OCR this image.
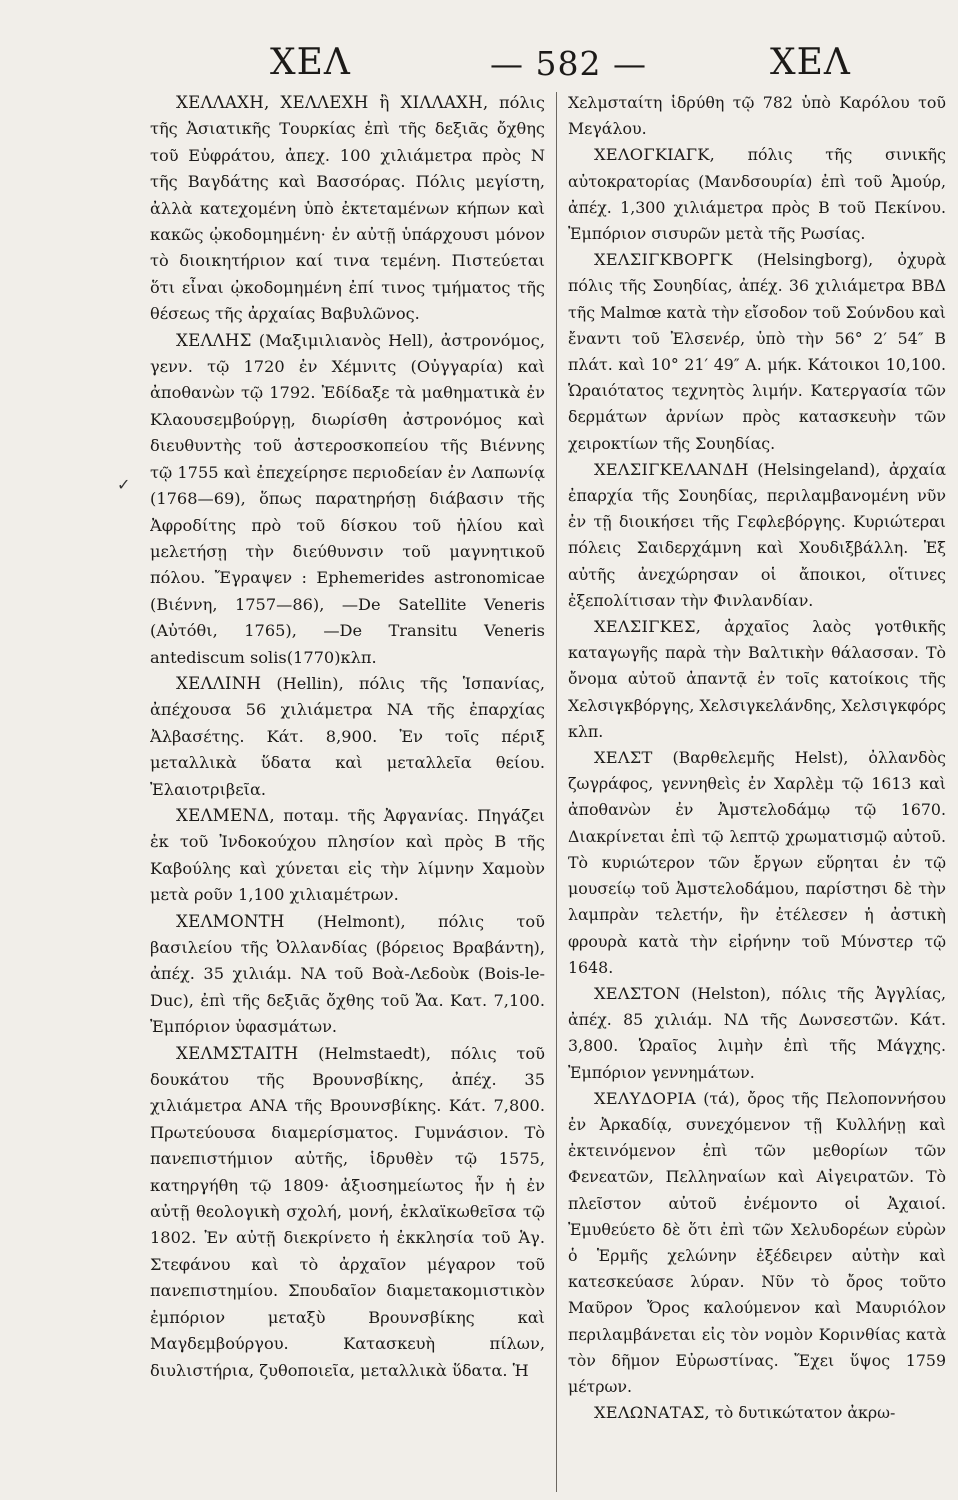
ΧΕΛ	— 582 —	ΧΕΛ
✓

ΧΕΛΛΑΧΗ, ΧΕΛΛΕΧΗ ἢ ΧΙΛΛΑΧΗ, πόλις τῆς Ἀσιατικῆς Τουρκίας ἐπὶ τῆς δεξιᾶς ὄχθης τοῦ Εὐφράτου, ἀπεχ. 100 χιλιάμετρα πρὸς Ν τῆς Βαγδάτης καὶ Βασσόρας. Πόλις μεγίστη, ἀλλὰ κατεχομένη ὑπὸ ἐκτεταμένων κήπων καὶ κακῶς ᾠκοδομημένη· ἐν αὐτῇ ὑπάρχουσι μόνον τὸ διοικητήριον καί τινα τεμένη. Πιστεύεται ὅτι εἶναι ᾠκοδομημένη ἐπί τινος τμήματος τῆς θέσεως τῆς ἀρχαίας Βαβυλῶνος.

ΧΕΛΛΗΣ (Μαξιμιλιανὸς Hell), ἀστρονόμος, γενν. τῷ 1720 ἐν Χέμνιτς (Οὐγγαρία) καὶ ἀποθανὼν τῷ 1792. Ἐδίδαξε τὰ μαθηματικὰ ἐν Κλαουσεμβούργῃ, διωρίσθη ἀστρονόμος καὶ διευθυντὴς τοῦ ἀστεροσκοπείου τῆς Βιέννης τῷ 1755 καὶ ἐπεχείρησε περιοδείαν ἐν Λαπωνίᾳ (1768—69), ὅπως παρατηρήσῃ διάβασιν τῆς Ἀφροδίτης πρὸ τοῦ δίσκου τοῦ ἡλίου καὶ μελετήσῃ τὴν διεύθυνσιν τοῦ μαγνητικοῦ πόλου. Ἔγραψεν : Ephemerides astronomicae (Βιέννη, 1757—86), —De Satellite Veneris (Αὐτόθι, 1765), —De Transitu Veneris antediscum solis(1770)κλπ.

ΧΕΛΛΙΝΗ (Hellin), πόλις τῆς Ἱσπανίας, ἀπέχουσα 56 χιλιάμετρα ΝΑ τῆς ἐπαρχίας Ἀλβασέτης. Κάτ. 8,900. Ἐν τοῖς πέριξ μεταλλικὰ ὕδατα καὶ μεταλλεῖα θείου. Ἐλαιοτριβεῖα.

ΧΕΛΜΕΝΔ, ποταμ. τῆς Ἀφγανίας. Πηγάζει ἐκ τοῦ Ἰνδοκούχου πλησίον καὶ πρὸς Β τῆς Καβούλης καὶ χύνεται εἰς τὴν λίμνην Χαμοὺν μετὰ ροῦν 1,100 χιλιαμέτρων.

ΧΕΛΜΟΝΤΗ (Helmont), πόλις τοῦ βασιλείου τῆς Ὀλλανδίας (βόρειος Βραβάντη), ἀπέχ. 35 χιλιάμ. ΝΑ τοῦ Βοὰ-Λεδοὺκ (Bois-le-Duc), ἐπὶ τῆς δεξιᾶς ὄχθης τοῦ Ἄα. Κατ. 7,100. Ἐμπόριον ὑφασμάτων.

ΧΕΛΜΣΤΑΙΤΗ (Helmstaedt), πόλις τοῦ δουκάτου τῆς Βρουνσβίκης, ἀπέχ. 35 χιλιάμετρα ΑΝΑ τῆς Βρουνσβίκης. Κάτ. 7,800. Πρωτεύουσα διαμερίσματος. Γυμνάσιον. Τὸ πανεπιστήμιον αὐτῆς, ἱδρυθὲν τῷ 1575, κατηργήθη τῷ 1809· ἀξιοσημείωτος ἦν ἡ ἐν αὐτῇ θεολογικὴ σχολή, μονή, ἐκλαϊκωθεῖσα τῷ 1802. Ἐν αὐτῇ διεκρίνετο ἡ ἐκκλησία τοῦ Ἁγ. Στεφάνου καὶ τὸ ἀρχαῖον μέγαρον τοῦ πανεπιστημίου. Σπουδαῖον διαμετακομιστικὸν ἐμπόριον μεταξὺ Βρουνσβίκης καὶ Μαγδεμβούργου. Κατασκευὴ πίλων, διυλιστήρια, ζυθοποιεῖα, μεταλλικὰ ὕδατα. Ἡ

Χελμσταίτη ἱδρύθη τῷ 782 ὑπὸ Καρόλου τοῦ Μεγάλου.

ΧΕΛΟΓΚΙΑΓΚ, πόλις τῆς σινικῆς αὐτοκρατορίας (Μανδσουρία) ἐπὶ τοῦ Ἀμούρ, ἀπέχ. 1,300 χιλιάμετρα πρὸς Β τοῦ Πεκίνου. Ἐμπόριον σισυρῶν μετὰ τῆς Ρωσίας.

ΧΕΛΣΙΓΚΒΟΡΓΚ (Helsingborg), ὀχυρὰ πόλις τῆς Σουηδίας, ἀπέχ. 36 χιλιάμετρα ΒΒΔ τῆς Malmœ κατὰ τὴν εἴσοδον τοῦ Σούνδου καὶ ἔναντι τοῦ Ἐλσενέρ, ὑπὸ τὴν 56° 2′ 54″ Β πλάτ. καὶ 10° 21′ 49″ Α. μήκ. Κάτοικοι 10,100. Ὡραιότατος τεχνητὸς λιμήν. Κατεργασία τῶν δερμάτων ἀρνίων πρὸς κατασκευὴν τῶν χειροκτίων τῆς Σουηδίας.

ΧΕΛΣΙΓΚΕΛΑΝΔΗ (Helsingeland), ἀρχαία ἐπαρχία τῆς Σουηδίας, περιλαμβανομένη νῦν ἐν τῇ διοικήσει τῆς Γεφλεβόργης. Κυριώτεραι πόλεις Σαιδερχάμνη καὶ Χουδιξβάλλη. Ἐξ αὐτῆς ἀνεχώρησαν οἱ ἄποικοι, οἵτινες ἐξεπολίτισαν τὴν Φινλανδίαν.

ΧΕΛΣΙΓΚΕΣ, ἀρχαῖος λαὸς γοτθικῆς καταγωγῆς παρὰ τὴν Βαλτικὴν θάλασσαν. Τὸ ὄνομα αὐτοῦ ἀπαντᾷ ἐν τοῖς κατοίκοις τῆς Χελσιγκβόργης, Χελσιγκελάνδης, Χελσιγκφόρς κλπ.

ΧΕΛΣΤ (Βαρθελεμῆς Helst), ὀλλανδὸς ζωγράφος, γεννηθεὶς ἐν Χαρλὲμ τῷ 1613 καὶ ἀποθανὼν ἐν Ἀμστελοδάμῳ τῷ 1670. Διακρίνεται ἐπὶ τῷ λεπτῷ χρωματισμῷ αὐτοῦ. Τὸ κυριώτερον τῶν ἔργων εὕρηται ἐν τῷ μουσείῳ τοῦ Ἀμστελοδάμου, παρίστησι δὲ τὴν λαμπρὰν τελετήν, ἣν ἐτέλεσεν ἡ ἀστικὴ φρουρὰ κατὰ τὴν εἰρήνην τοῦ Μύνστερ τῷ 1648.

ΧΕΛΣΤΟΝ (Helston), πόλις τῆς Ἀγγλίας, ἀπέχ. 85 χιλιάμ. ΝΔ τῆς Δωνσεστῶν. Κάτ. 3,800. Ὡραῖος λιμὴν ἐπὶ τῆς Μάγχης. Ἐμπόριον γεννημάτων.

ΧΕΛΥΔΟΡΙΑ (τά), ὄρος τῆς Πελοποννήσου ἐν Ἀρκαδίᾳ, συνεχόμενον τῇ Κυλλήνῃ καὶ ἐκτεινόμενον ἐπὶ τῶν μεθορίων τῶν Φενεατῶν, Πελληναίων καὶ Αἰγειρατῶν. Τὸ πλεῖστον αὐτοῦ ἐνέμοντο οἱ Ἀχαιοί. Ἐμυθεύετο δὲ ὅτι ἐπὶ τῶν Χελυδορέων εὑρὼν ὁ Ἑρμῆς χελώνην ἐξέδειρεν αὐτὴν καὶ κατεσκεύασε λύραν. Νῦν τὸ ὄρος τοῦτο Μαῦρον Ὄρος καλούμενον καὶ Μαυριόλον περιλαμβάνεται εἰς τὸν νομὸν Κορινθίας κατὰ τὸν δῆμον Εὐρωστίνας. Ἔχει ὕψος 1759 μέτρων.

ΧΕΛΩΝΑΤΑΣ, τὸ δυτικώτατον ἀκρω-
